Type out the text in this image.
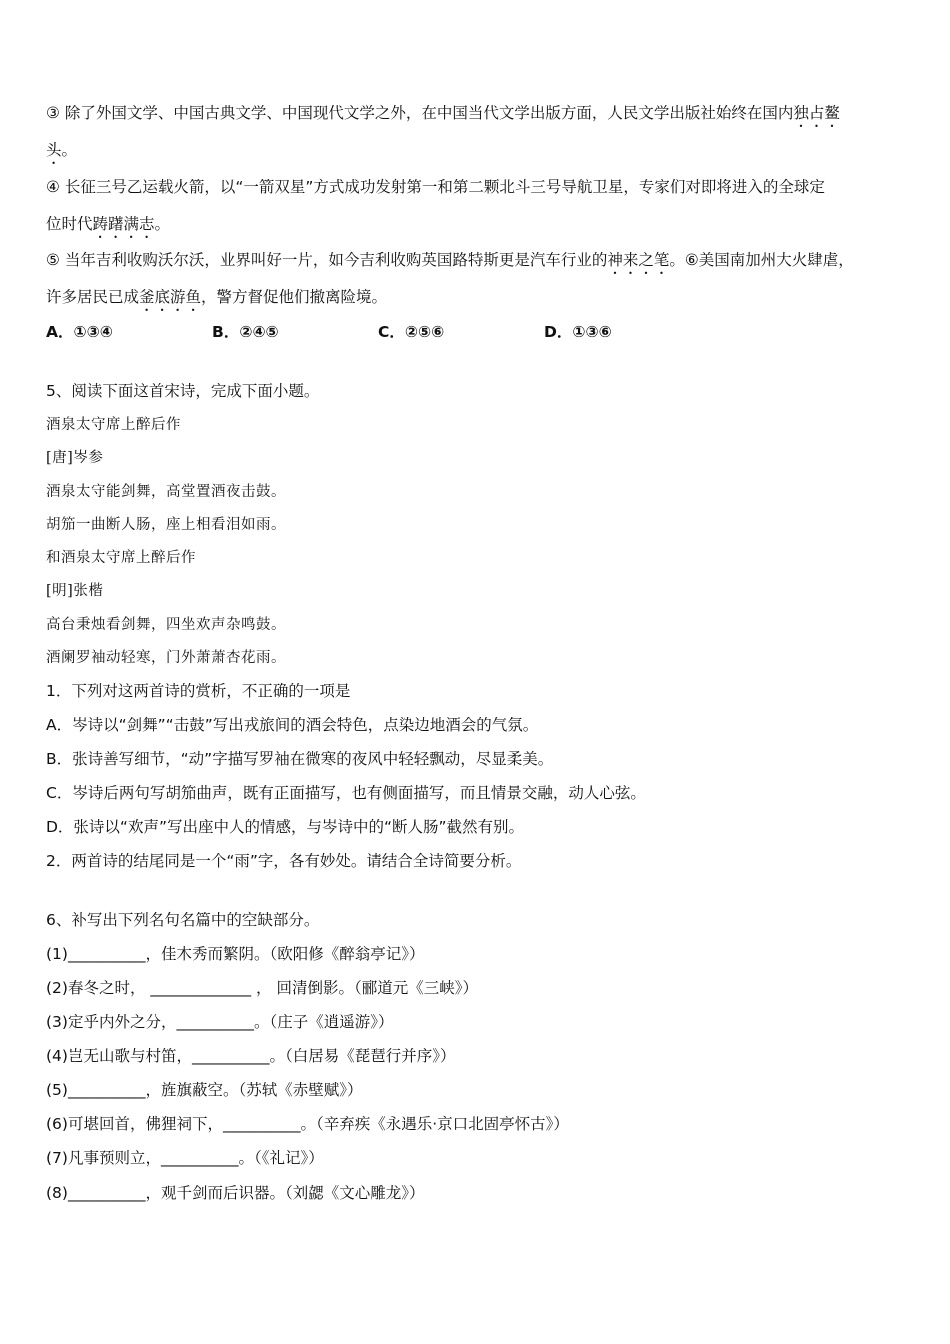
③ 除了外国文学、中国古典文学、中国现代文学之外，在中国当代文学出版方面，人民文学出版社始终在国内独占鳌
头。
④ 长征三号乙运载火箭，以“一箭双星”方式成功发射第一和第二颗北斗三号导航卫星，专家们对即将进入的全球定
位时代踌躇满志。
⑤ 当年吉利收购沃尔沃，业界叫好一片，如今吉利收购英国路特斯更是汽车行业的神来之笔。⑥美国南加州大火肆虐，
许多居民已成釜底游鱼，警方督促他们撤离险境。
A．①③④	B．②④⑤	C．②⑤⑥	D．①③⑥
5、阅读下面这首宋诗，完成下面小题。
酒泉太守席上醉后作
[唐]岑参
酒泉太守能剑舞，高堂置酒夜击鼓。
胡笳一曲断人肠，座上相看泪如雨。
和酒泉太守席上醉后作
[明]张楷
高台秉烛看剑舞，四坐欢声杂鸣鼓。
酒阑罗袖动轻寒，门外萧萧杏花雨。
1．下列对这两首诗的赏析，不正确的一项是
A．岑诗以“剑舞”“击鼓”写出戎旅间的酒会特色，点染边地酒会的气氛。
B．张诗善写细节，“动”字描写罗袖在微寒的夜风中轻轻飘动，尽显柔美。
C．岑诗后两句写胡笳曲声，既有正面描写，也有侧面描写，而且情景交融，动人心弦。
D．张诗以“欢声”写出座中人的情感，与岑诗中的“断人肠”截然有别。
2．两首诗的结尾同是一个“雨”字，各有妙处。请结合全诗简要分析。
6、补写出下列名句名篇中的空缺部分。
(1)__________，佳木秀而繁阴。（欧阳修《醉翁亭记》）
(2)春冬之时， _____________ ， 回清倒影。（郦道元《三峡》）
(3)定乎内外之分，__________。（庄子《逍遥游》）
(4)岂无山歌与村笛，__________。（白居易《琵琶行并序》）
(5)__________，旌旗蔽空。（苏轼《赤壁赋》）
(6)可堪回首，佛狸祠下，__________。（辛弃疾《永遇乐·京口北固亭怀古》）
(7)凡事预则立，__________。（《礼记》）
(8)__________，观千剑而后识器。（刘勰《文心雕龙》）
